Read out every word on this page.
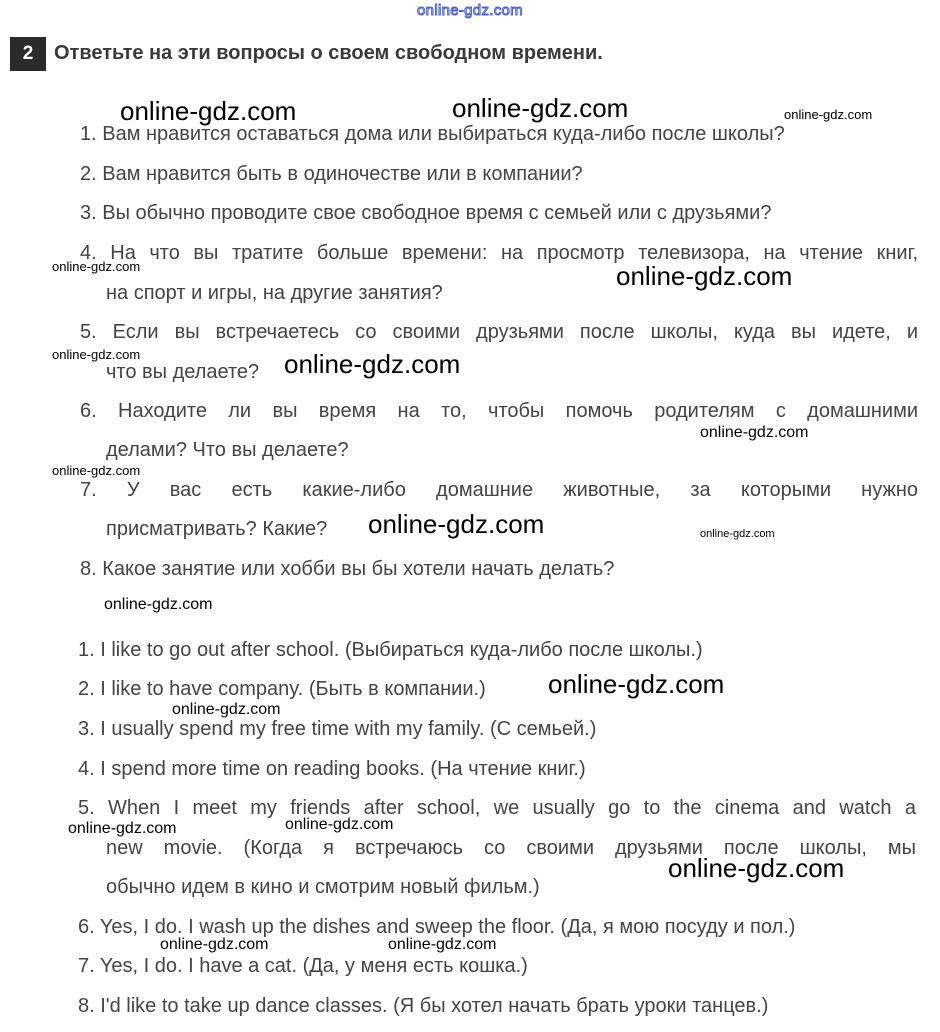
online-gdz.com
2	Ответьте на эти вопросы о своем свободном времени.
1. Вам нравится оставаться дома или выбираться куда-либо после школы?
2. Вам нравится быть в одиночестве или в компании?
3. Вы обычно проводите свое свободное время с семьей или с друзьями?
4. На что вы тратите больше времени: на просмотр телевизора, на чтение книг,
на спорт и игры, на другие занятия?
5. Если вы встречаетесь со своими друзьями после школы, куда вы идете, и
что вы делаете?
6. Находите ли вы время на то, чтобы помочь родителям с домашними
делами? Что вы делаете?
7. У вас есть какие-либо домашние животные, за которыми нужно
присматривать? Какие?
8. Какое занятие или хобби вы бы хотели начать делать?
1. I like to go out after school. (Выбираться куда-либо после школы.)
2. I like to have company. (Быть в компании.)
3. I usually spend my free time with my family. (С семьей.)
4. I spend more time on reading books. (На чтение книг.)
5. When I meet my friends after school, we usually go to the cinema and watch a
new movie. (Когда я встречаюсь со своими друзьями после школы, мы
обычно идем в кино и смотрим новый фильм.)
6. Yes, I do. I wash up the dishes and sweep the floor. (Да, я мою посуду и пол.)
7. Yes, I do. I have a cat. (Да, у меня есть кошка.)
8. I'd like to take up dance classes. (Я бы хотел начать брать уроки танцев.)
online-gdz.com	online-gdz.com	online-gdz.com
online-gdz.com	online-gdz.com
online-gdz.com	online-gdz.com
online-gdz.com
online-gdz.com
online-gdz.com	online-gdz.com
online-gdz.com
online-gdz.com
online-gdz.com
online-gdz.com	online-gdz.com
online-gdz.com
online-gdz.com	online-gdz.com
